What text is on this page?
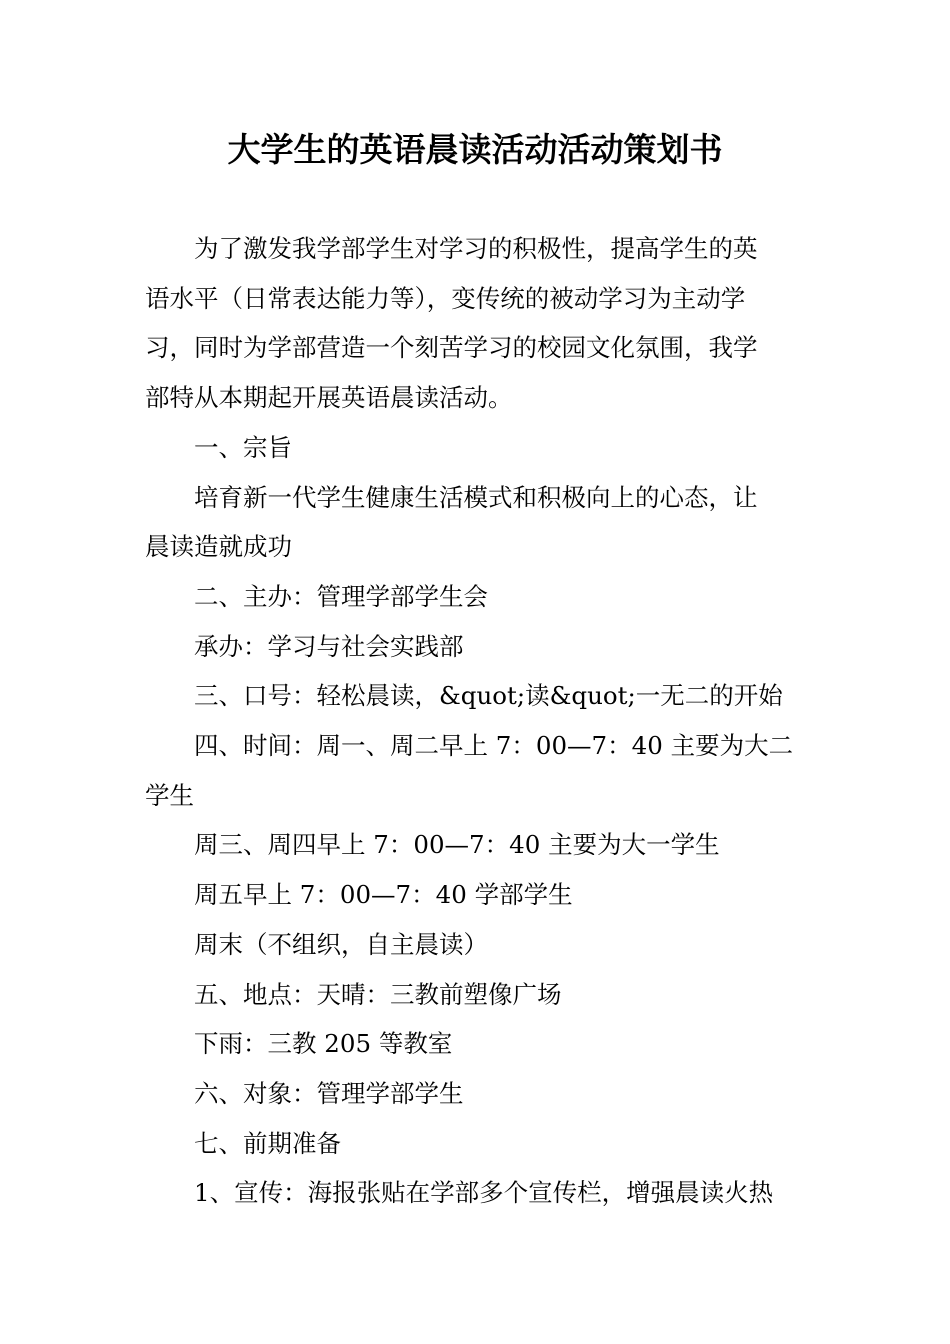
大学生的英语晨读活动活动策划书

为了激发我学部学生对学习的积极性，提高学生的英
语水平（日常表达能力等），变传统的被动学习为主动学
习，同时为学部营造一个刻苦学习的校园文化氛围，我学
部特从本期起开展英语晨读活动。

一、宗旨

培育新一代学生健康生活模式和积极向上的心态，让
晨读造就成功

二、主办：管理学部学生会

承办：学习与社会实践部

三、口号：轻松晨读，&quot;读&quot;一无二的开始

四、时间：周一、周二早上 7：00—7：40 主要为大二
学生

周三、周四早上 7：00—7：40 主要为大一学生

周五早上 7：00—7：40 学部学生

周末（不组织，自主晨读）

五、地点：天晴：三教前塑像广场

下雨：三教 205 等教室

六、对象：管理学部学生

七、前期准备

1、宣传：海报张贴在学部多个宣传栏，增强晨读火热
